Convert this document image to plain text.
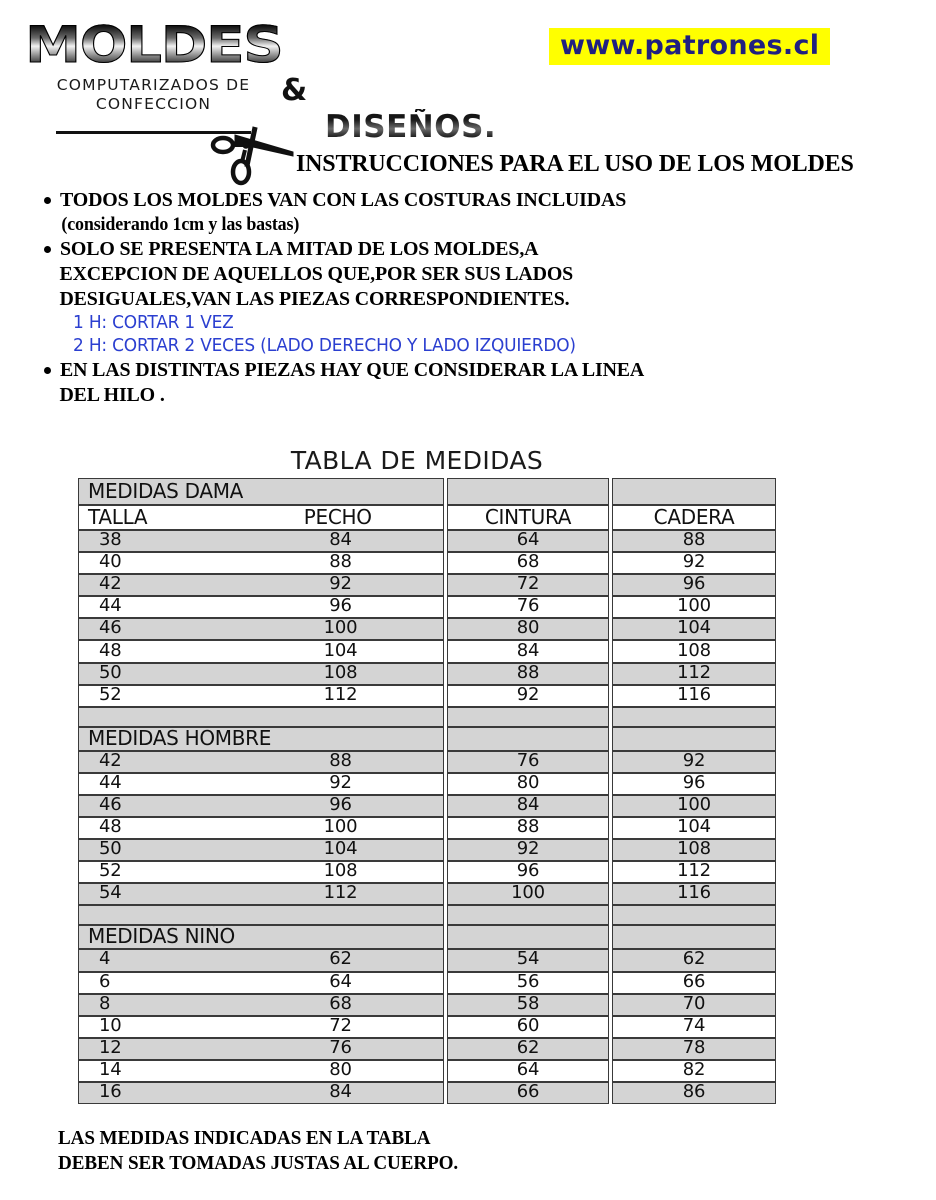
MOLDES
COMPUTARIZADOS DE
CONFECCION	&
DISEÑOS.
www.patrones.cl
INSTRUCCIONES PARA EL USO DE LOS MOLDES
TODOS LOS MOLDES VAN CON LAS COSTURAS INCLUIDAS
(considerando 1cm y las bastas)
SOLO SE PRESENTA LA MITAD DE LOS MOLDES,A
EXCEPCION DE AQUELLOS QUE,POR SER SUS LADOS
DESIGUALES,VAN LAS PIEZAS CORRESPONDIENTES.
1 H: CORTAR 1 VEZ
2 H: CORTAR 2 VECES (LADO DERECHO Y LADO IZQUIERDO)
EN LAS DISTINTAS PIEZAS HAY QUE CONSIDERAR LA LINEA
DEL HILO .
TABLA DE MEDIDAS
MEDIDAS DAMA
TALLA	PECHO	CINTURA	CADERA
38	84	64	88
40	88	68	92
42	92	72	96
44	96	76	100
46	100	80	104
48	104	84	108
50	108	88	112
52	112	92	116
MEDIDAS HOMBRE
42	88	76	92
44	92	80	96
46	96	84	100
48	100	88	104
50	104	92	108
52	108	96	112
54	112	100	116
MEDIDAS NIÑO
4	62	54	62
6	64	56	66
8	68	58	70
10	72	60	74
12	76	62	78
14	80	64	82
16	84	66	86
LAS MEDIDAS INDICADAS EN LA TABLA
DEBEN SER TOMADAS JUSTAS AL CUERPO.
